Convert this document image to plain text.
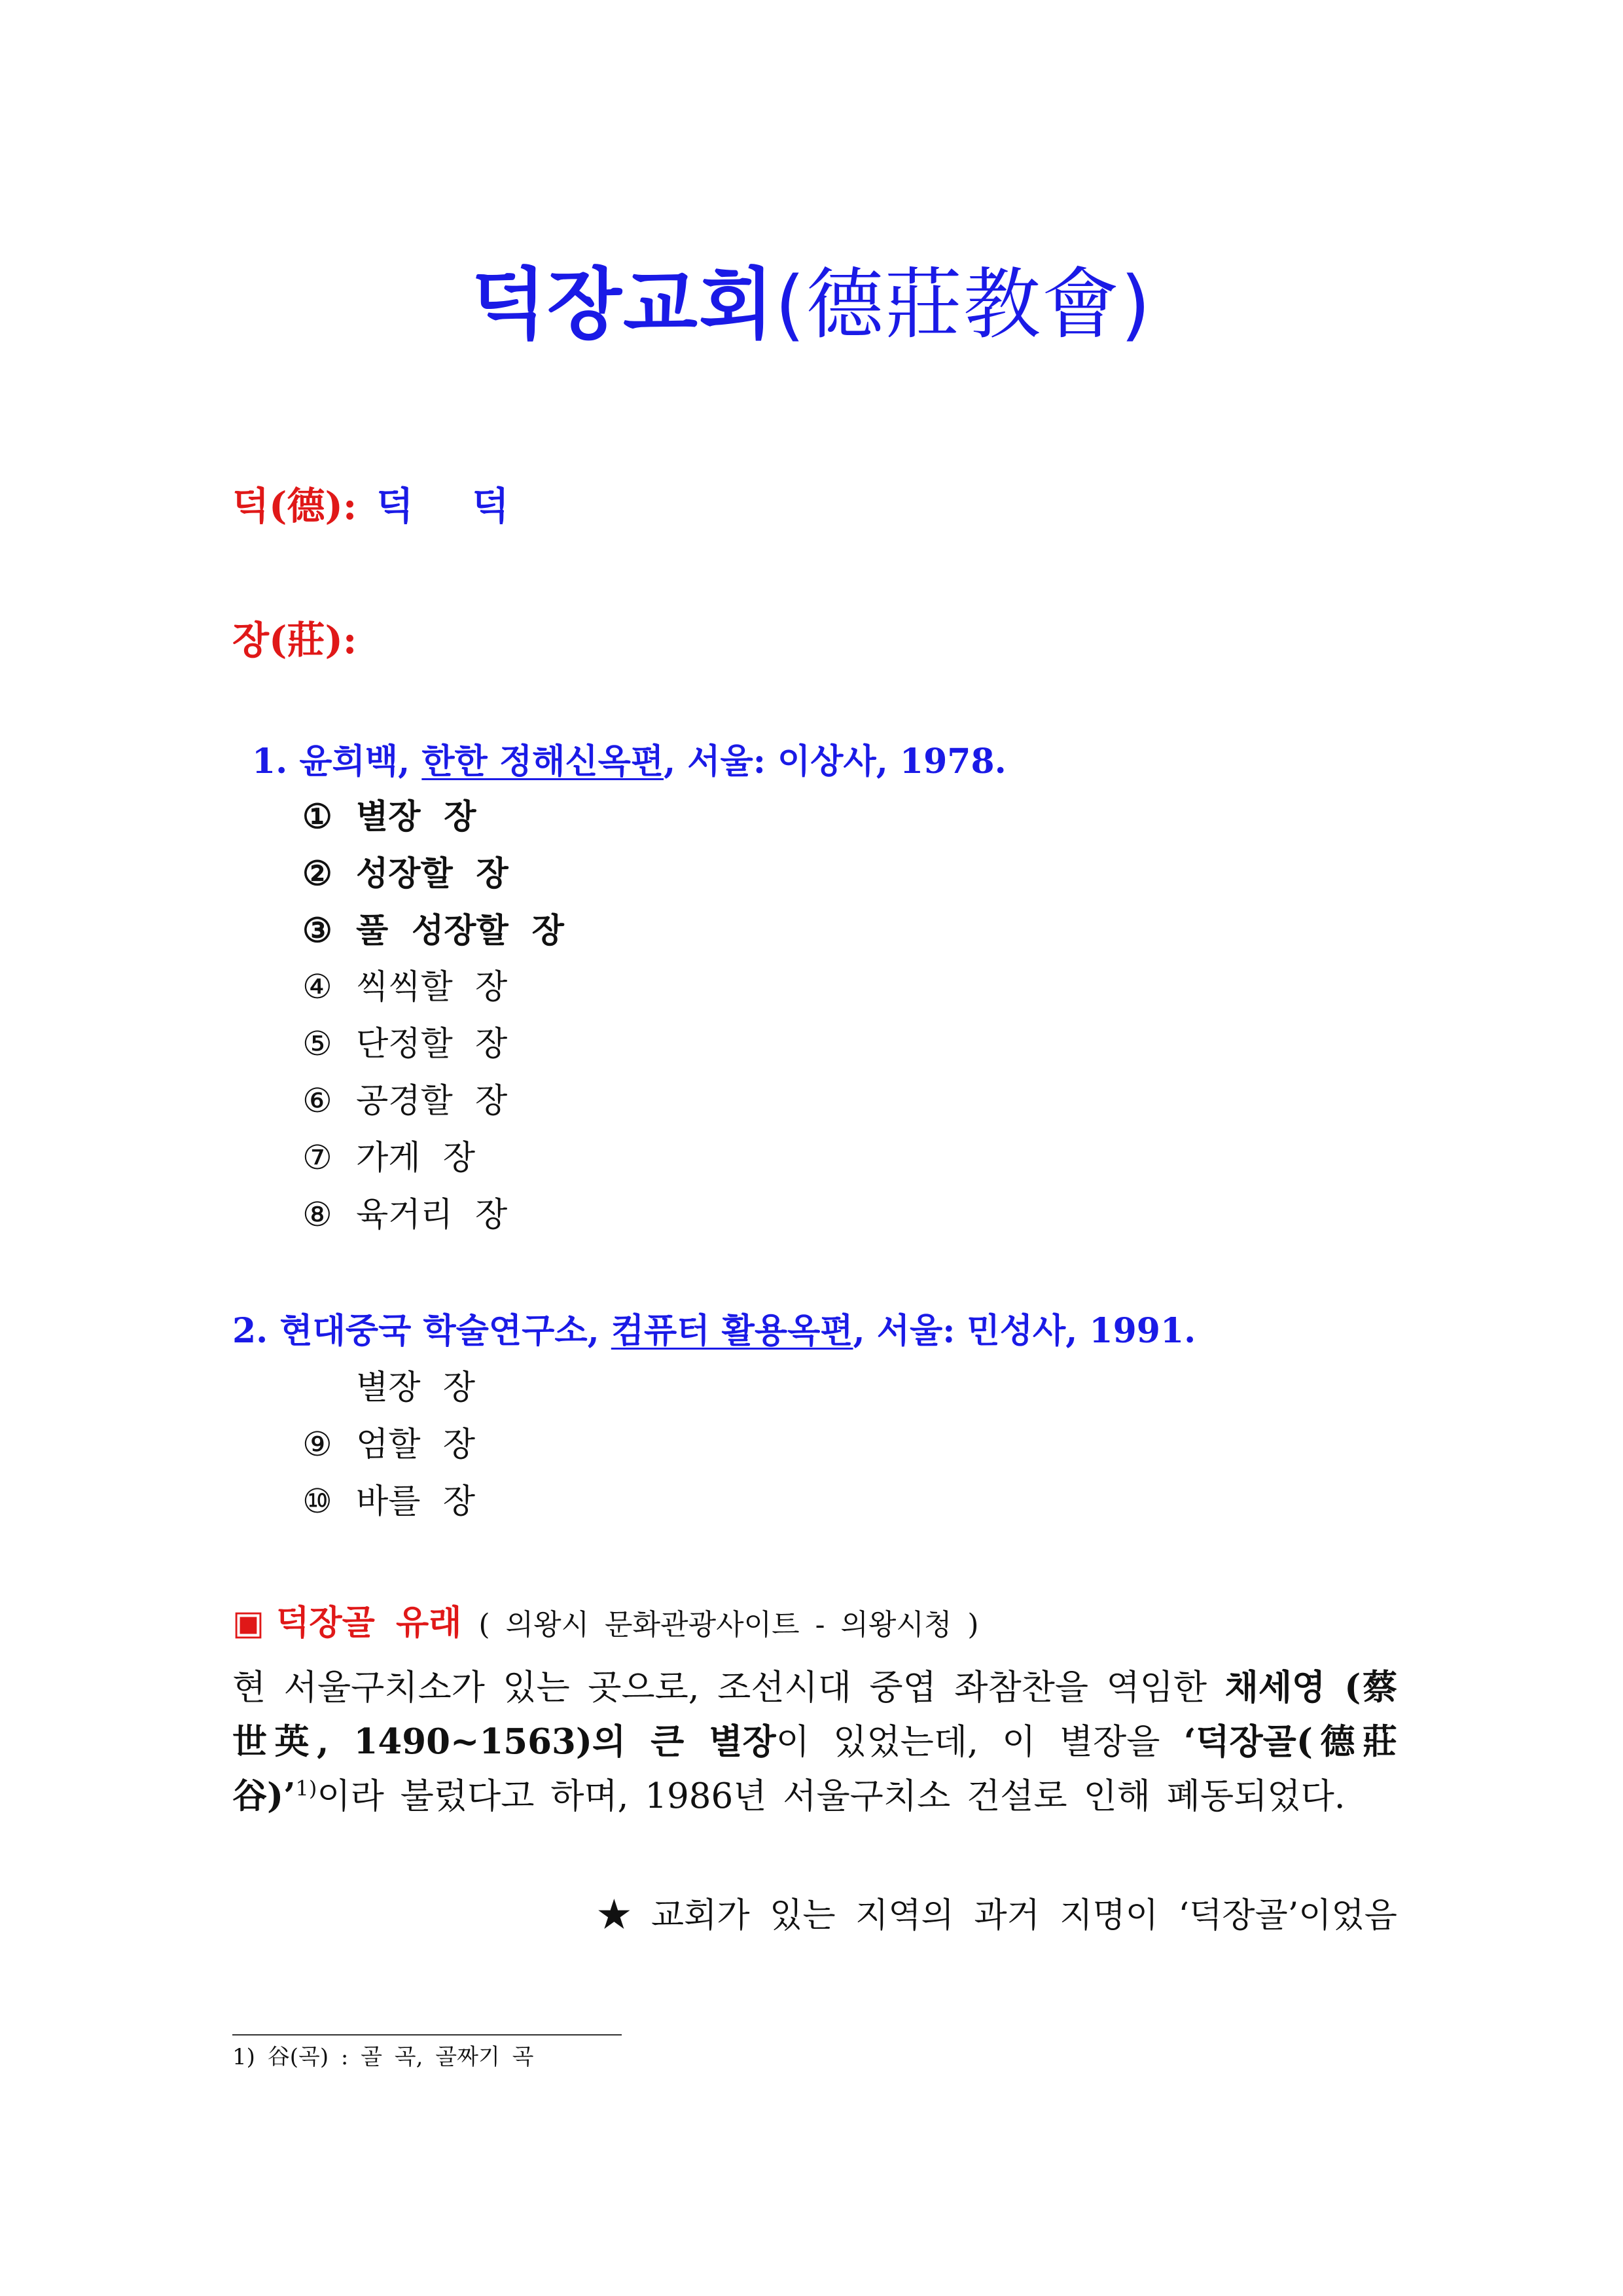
덕장교회(德莊教會)
덕(德): 덕 덕
장(莊):
1. 윤희백, 한한 정해신옥편, 서울: 이상사, 1978.
① 별장 장
② 성장할 장
③ 풀 성장할 장
④ 씩씩할 장
⑤ 단정할 장
⑥ 공경할 장
⑦ 가게 장
⑧ 육거리 장
2. 현대중국 학술연구소, 컴퓨터 활용옥편, 서울: 민성사, 1991.
별장 장
⑨ 엄할 장
⑩ 바를 장
▣ 덕장골 유래 ( 의왕시 문화관광사이트 - 의왕시청 )
현 서울구치소가 있는 곳으로, 조선시대 중엽 좌참찬을 역임한 채세영 (蔡世英, 1490~1563)의 큰 별장이 있었는데, 이 별장을 ‘덕장골(德莊谷)’$^{1)}$이라 불렀다고 하며, 1986년 서울구치소 건설로 인해 폐동되었다.
★ 교회가 있는 지역의 과거 지명이 ‘덕장골’이었음
1) 谷(곡) : 골 곡, 골짜기 곡
